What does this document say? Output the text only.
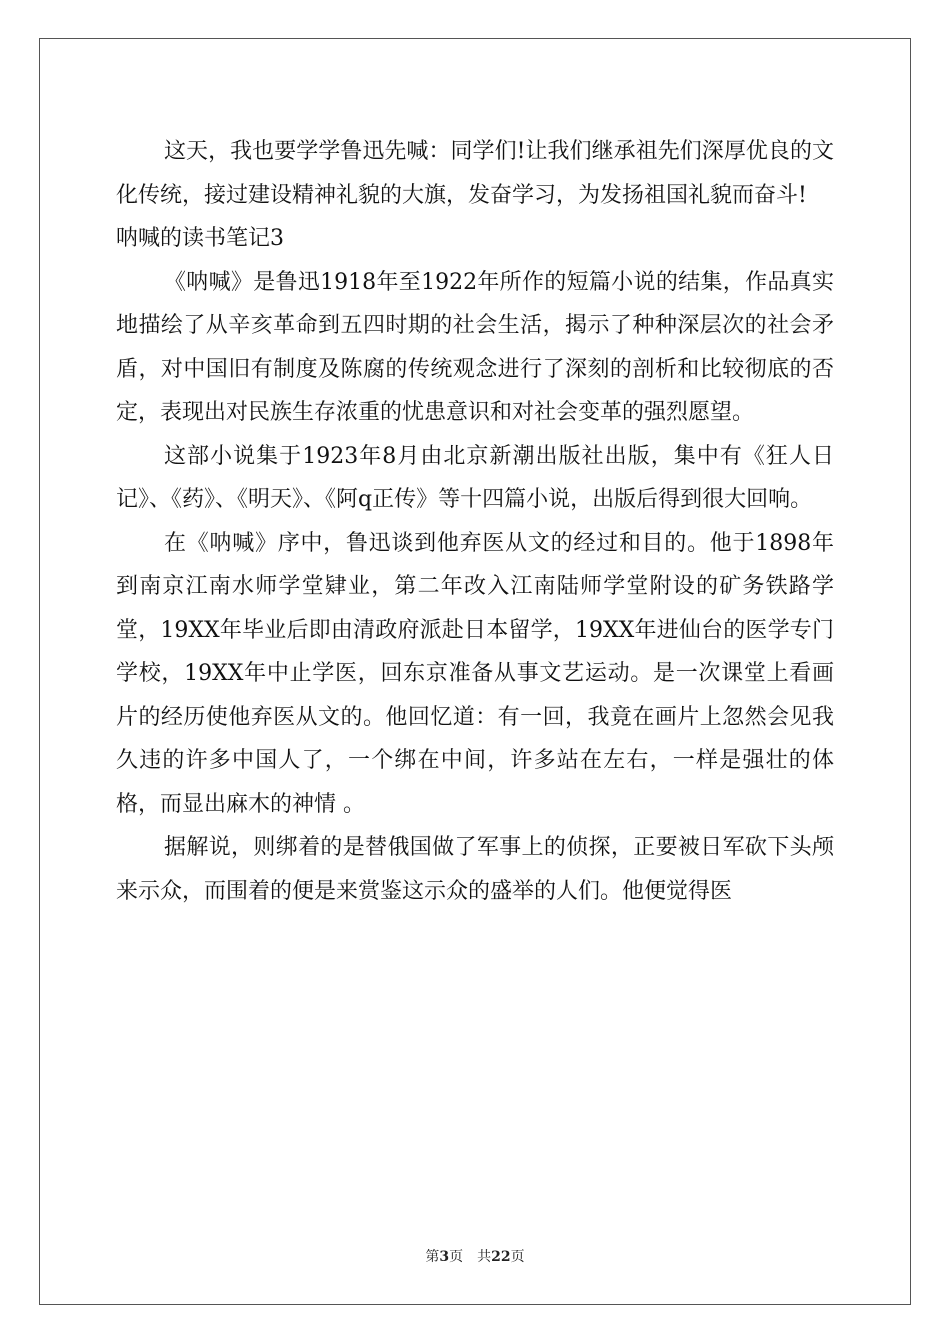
这天，我也要学学鲁迅先喊：同学们!让我们继承祖先们深厚优良的文化传统，接过建设精神礼貌的大旗，发奋学习，为发扬祖国礼貌而奋斗!

呐喊的读书笔记3

《呐喊》是鲁迅1918年至1922年所作的短篇小说的结集，作品真实地描绘了从辛亥革命到五四时期的社会生活，揭示了种种深层次的社会矛盾，对中国旧有制度及陈腐的传统观念进行了深刻的剖析和比较彻底的否定，表现出对民族生存浓重的忧患意识和对社会变革的强烈愿望。

这部小说集于1923年8月由北京新潮出版社出版，集中有《狂人日记》、《药》、《明天》、《阿q正传》等十四篇小说，出版后得到很大回响。

在《呐喊》序中，鲁迅谈到他弃医从文的经过和目的。他于1898年到南京江南水师学堂肄业，第二年改入江南陆师学堂附设的矿务铁路学堂，19XX年毕业后即由清政府派赴日本留学，19XX年进仙台的医学专门学校，19XX年中止学医，回东京准备从事文艺运动。是一次课堂上看画片的经历使他弃医从文的。他回忆道：有一回，我竟在画片上忽然会见我久违的许多中国人了，一个绑在中间，许多站在左右，一样是强壮的体格，而显出麻木的神情 。

据解说，则绑着的是替俄国做了军事上的侦探，正要被日军砍下头颅来示众，而围着的便是来赏鉴这示众的盛举的人们。他便觉得医

第3页 共22页
